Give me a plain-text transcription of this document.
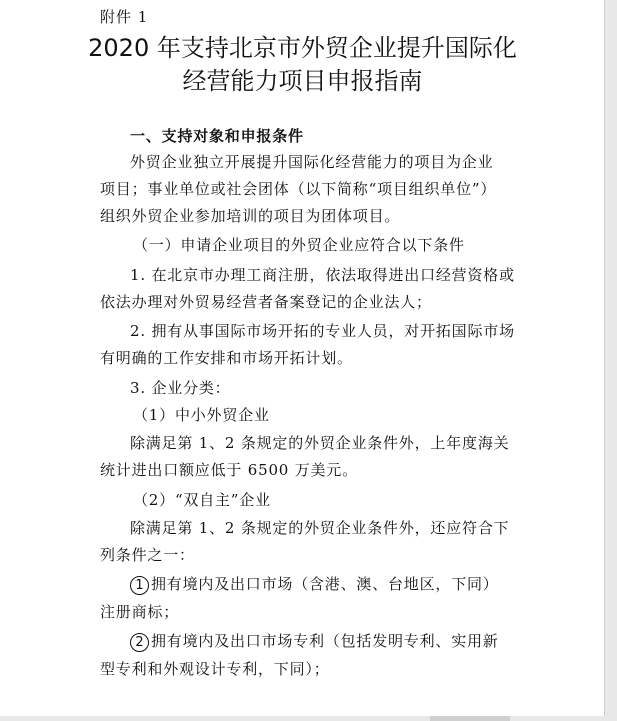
附件 1
2020 年支持北京市外贸企业提升国际化
经营能力项目申报指南
一、支持对象和申报条件
外贸企业独立开展提升国际化经营能力的项目为企业
项目；事业单位或社会团体（以下简称“项目组织单位”）
组织外贸企业参加培训的项目为团体项目。
（一）申请企业项目的外贸企业应符合以下条件
1. 在北京市办理工商注册，依法取得进出口经营资格或
依法办理对外贸易经营者备案登记的企业法人；
2. 拥有从事国际市场开拓的专业人员，对开拓国际市场
有明确的工作安排和市场开拓计划。
3. 企业分类：
（1）中小外贸企业
除满足第 1、2 条规定的外贸企业条件外，上年度海关
统计进出口额应低于 6500 万美元。
（2）“双自主”企业
除满足第 1、2 条规定的外贸企业条件外，还应符合下
列条件之一：
1 拥有境内及出口市场（含港、澳、台地区，下同）
注册商标；
2 拥有境内及出口市场专利（包括发明专利、实用新
型专利和外观设计专利，下同）；
